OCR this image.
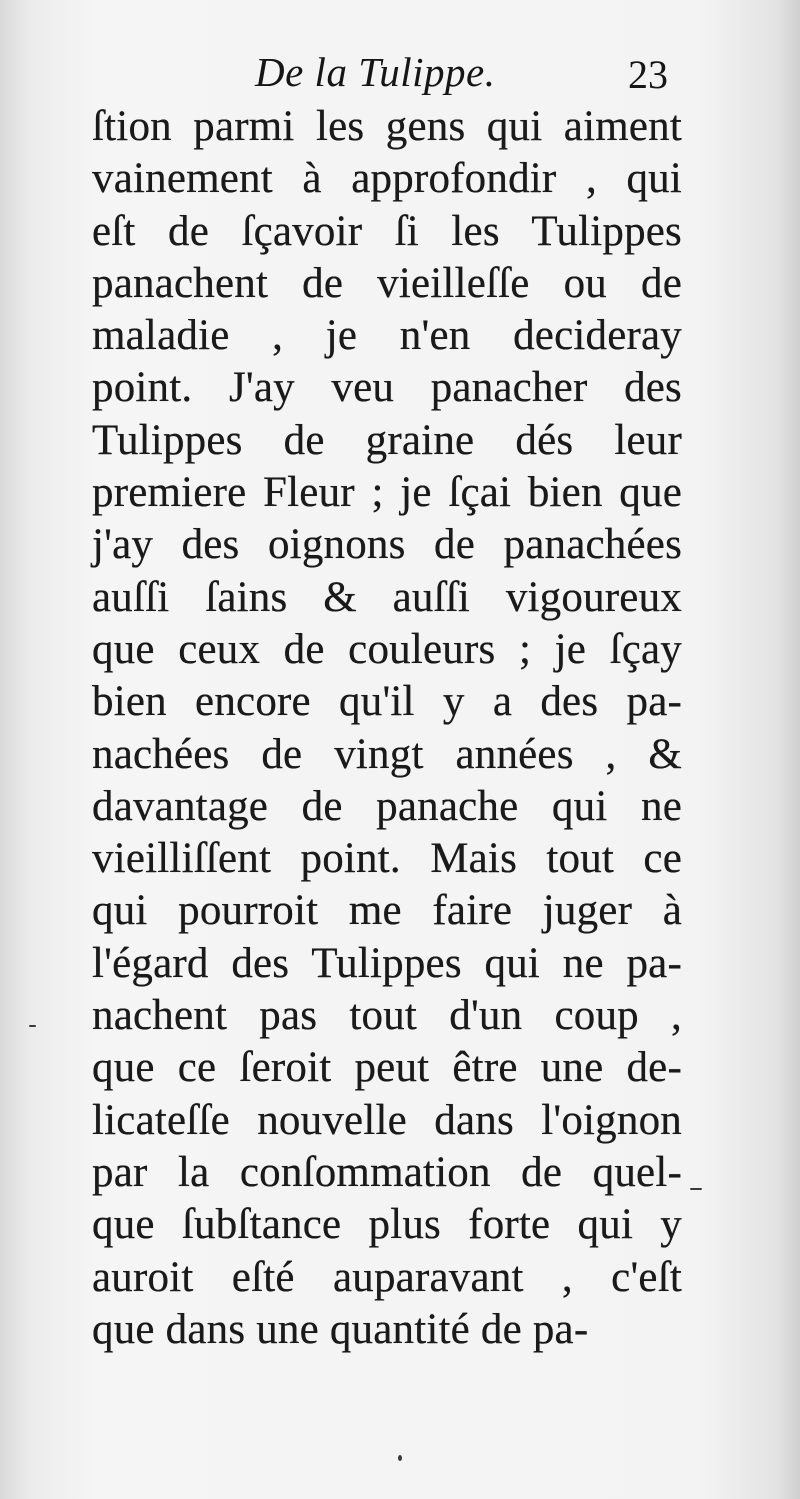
De la Tulippe.	23
ſtion parmi les gens qui aiment
vainement à approfondir , qui
eſt de ſçavoir ſi les Tulippes
panachent de vieilleſſe ou de
maladie , je n'en decideray
point. J'ay veu panacher des
Tulippes de graine dés leur
premiere Fleur ; je ſçai bien que
j'ay des oignons de panachées
auſſi ſains & auſſi vigoureux
que ceux de couleurs ; je ſçay
bien encore qu'il y a des pa-
nachées de vingt années , &
davantage de panache qui ne
vieilliſſent point. Mais tout ce
qui pourroit me faire juger à
l'égard des Tulippes qui ne pa-
nachent pas tout d'un coup ,
que ce ſeroit peut être une de-
licateſſe nouvelle dans l'oignon
par la conſommation de quel-
que ſubſtance plus forte qui y
auroit eſté auparavant , c'eſt
que dans une quantité de pa-
